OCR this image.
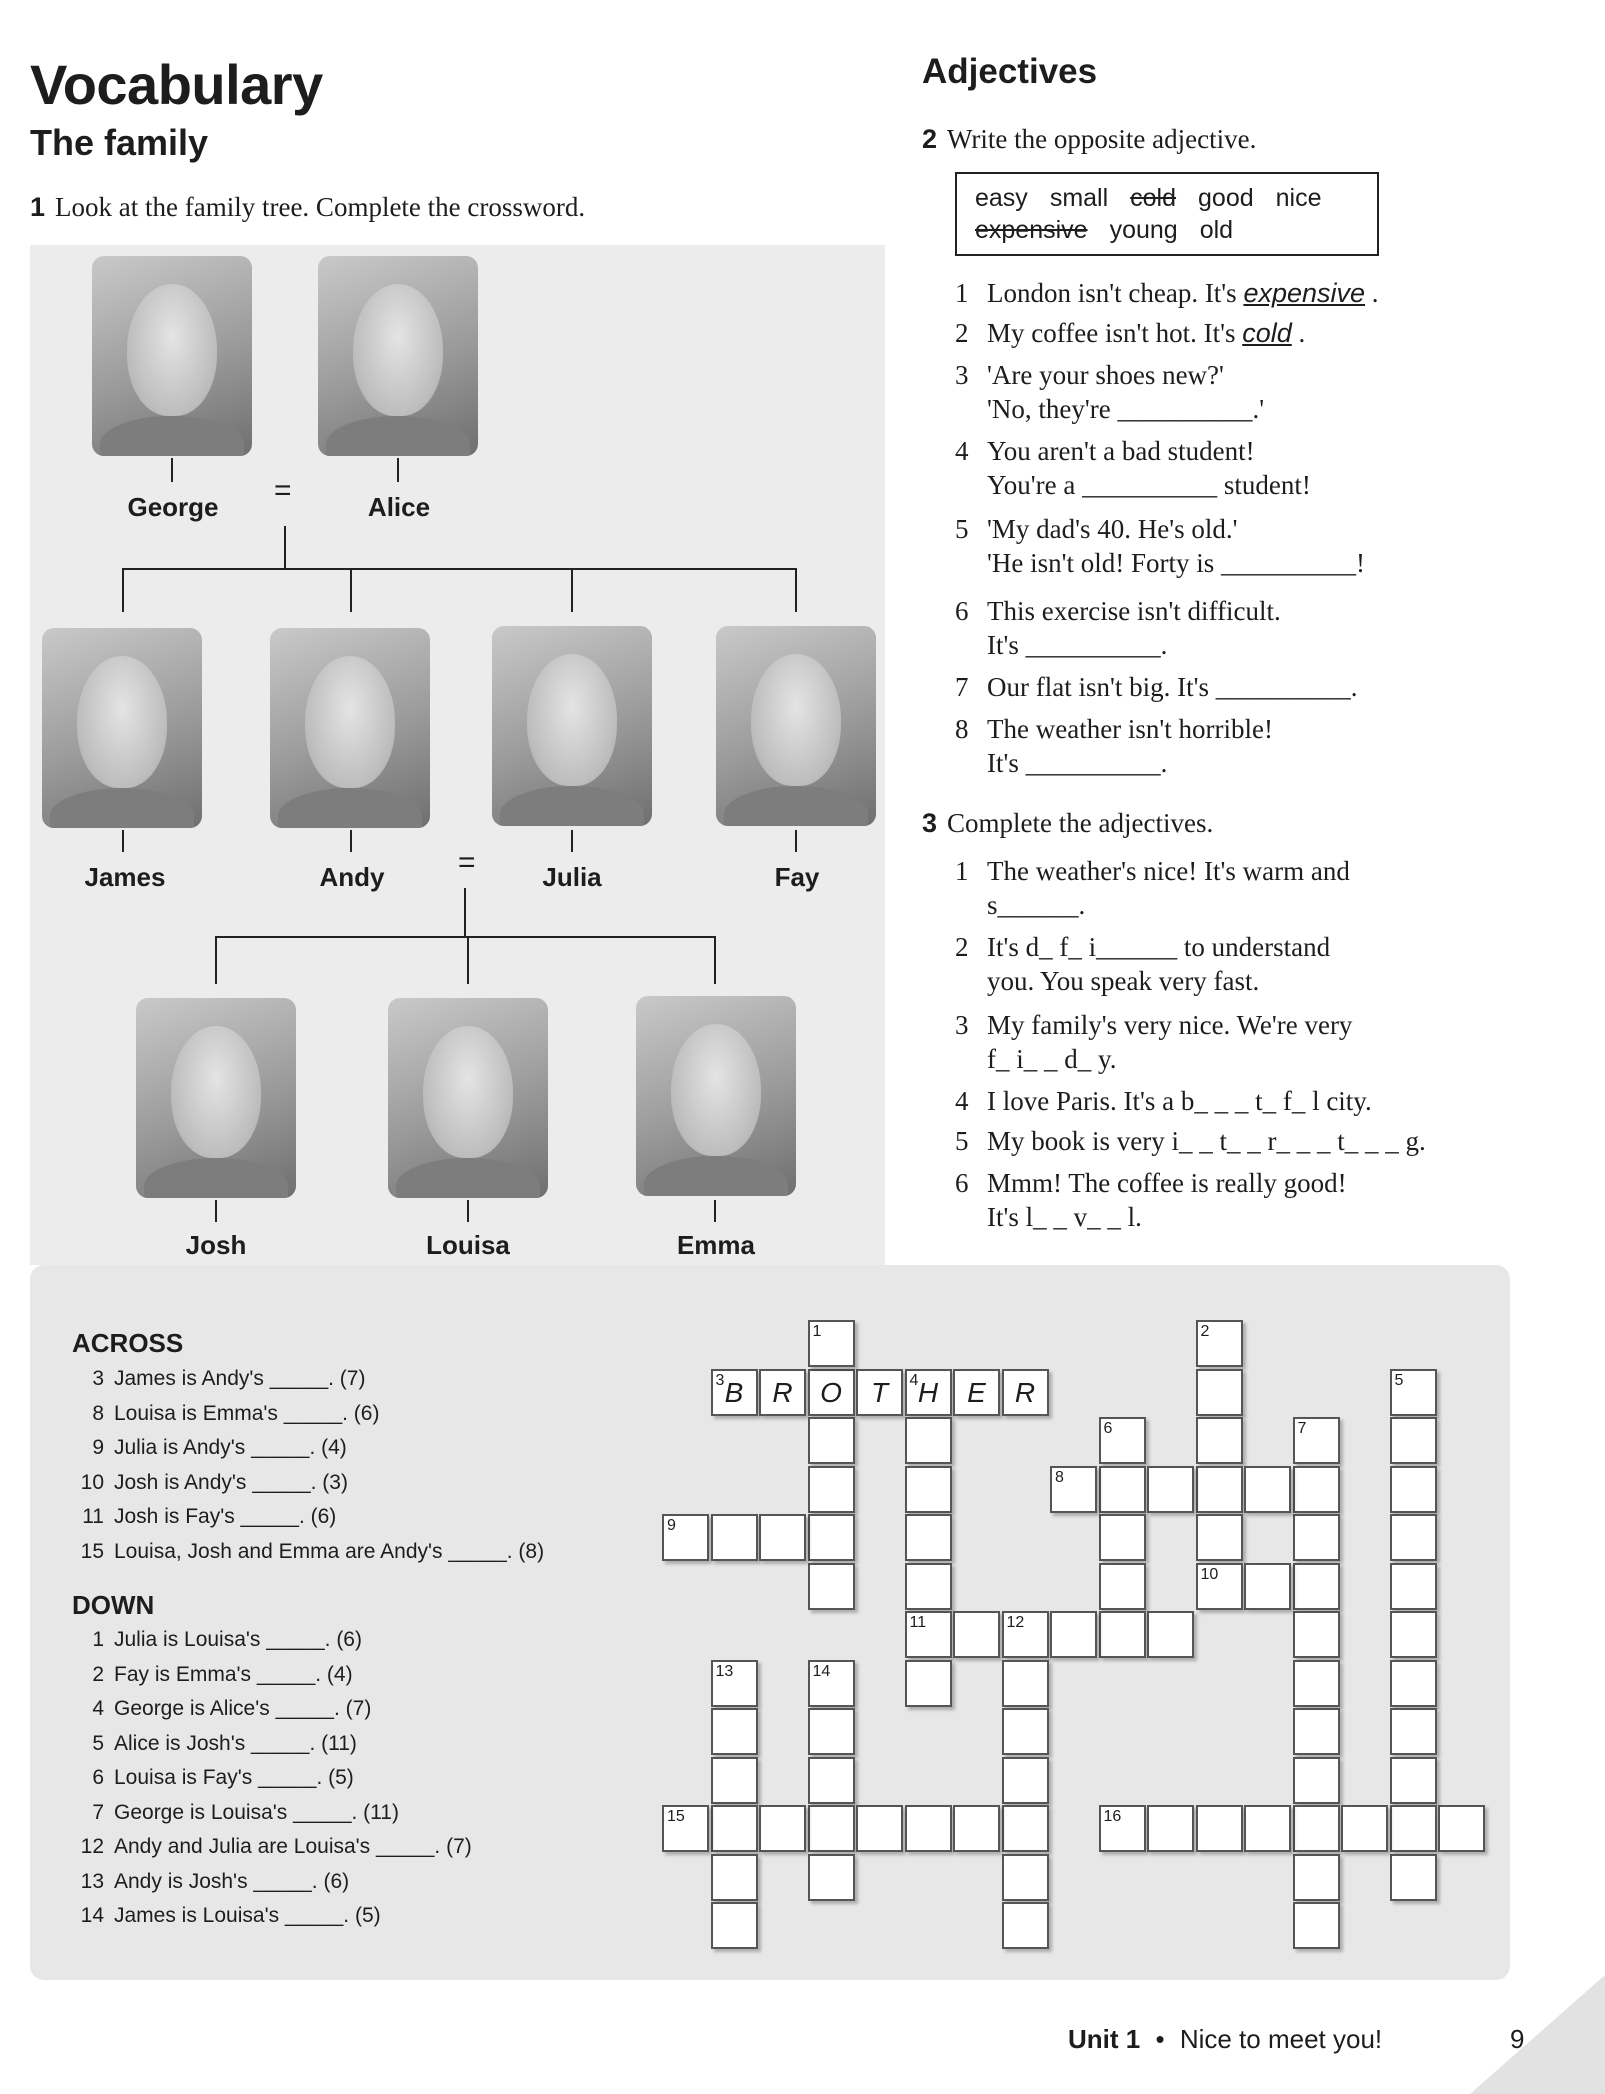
Vocabulary
The family
1 Look at the family tree. Complete the crossword.
=
=
George	Alice
James	Andy	Julia	Fay
Josh	Louisa	Emma
ACROSS
3 James is Andy's _____. (7)
8 Louisa is Emma's _____. (6)
9 Julia is Andy's _____. (4)
10 Josh is Andy's _____. (3)
11 Josh is Fay's _____. (6)
15 Louisa, Josh and Emma are Andy's _____. (8)
DOWN
1 Julia is Louisa's _____. (6)
2 Fay is Emma's _____. (4)
4 George is Alice's _____. (7)
5 Alice is Josh's _____. (11)
6 Louisa is Fay's _____. (5)
7 George is Louisa's _____. (11)
12 Andy and Julia are Louisa's _____. (7)
13 Andy is Josh's _____. (6)
14 James is Louisa's _____. (5)
3 B	R O	T	4 H	E	R
1	2
11
5
6	7
8
9
10
12
13	14
15	16
Adjectives
2 Write the opposite adjective.
easy small cold good nice
expensive young old
1 London isn't cheap. It's expensive .
2 My coffee isn't hot. It's cold .
3 'Are your shoes new?'
'No, they're __________.'
4 You aren't a bad student!
You're a __________ student!
5 'My dad's 40. He's old.'
'He isn't old! Forty is __________!
6 This exercise isn't difficult.
It's __________.
7 Our flat isn't big. It's __________.
8 The weather isn't horrible!
It's __________.
3 Complete the adjectives.
1 The weather's nice! It's warm and
s______.
2 It's d_ f_ i______ to understand
you. You speak very fast.
3 My family's very nice. We're very
f_ i_ _ d_ y.
4 I love Paris. It's a b_ _ _ t_ f_ l city.
5 My book is very i_ _ t_ _ r_ _ _ t_ _ _ g.
6 Mmm! The coffee is really good!
It's l_ _ v_ _ l.
Unit 1 • Nice to meet you!	9
